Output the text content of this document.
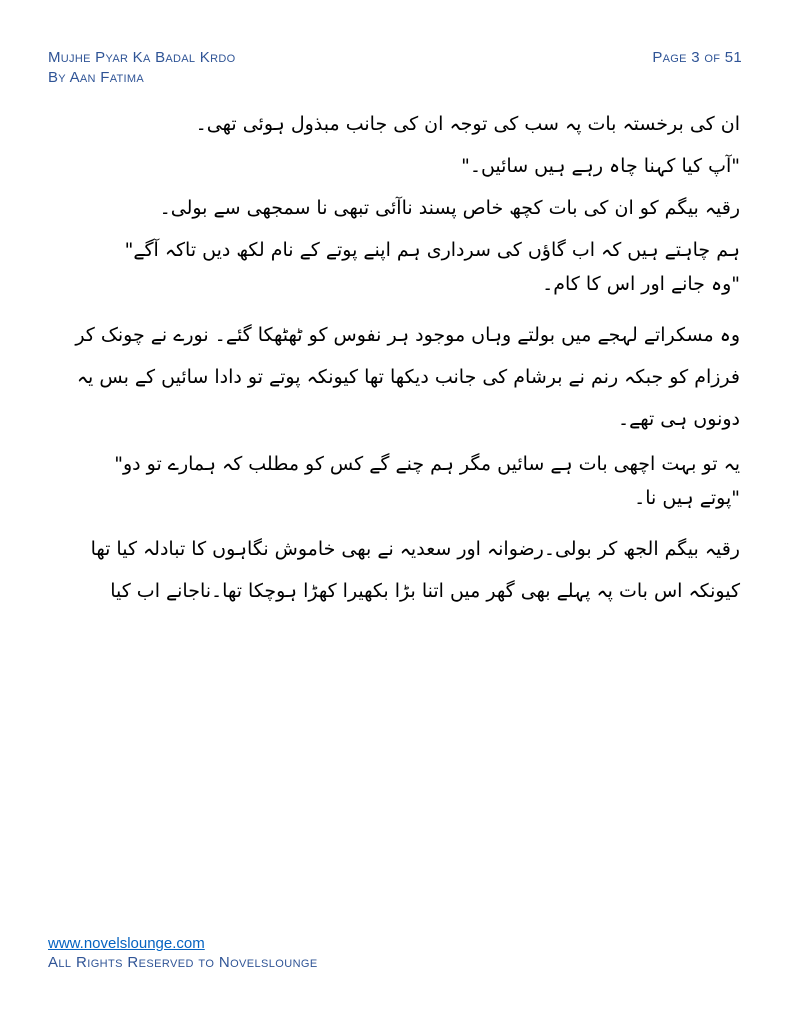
Mujhe Pyar Ka Badal Krdo
By Aan Fatima
Page 3 of 51

ان کی برخستہ بات پہ سب کی توجہ ان کی جانب مبذول ہوئی تھی۔

"آپ کیا کہنا چاہ رہے ہیں سائیں۔"

رقیہ بیگم کو ان کی بات کچھ خاص پسند ناآئی تبھی نا سمجھی سے بولی۔

ہم چاہتے ہیں کہ اب گاؤں کی سرداری ہم اپنے پوتے کے نام لکھ دیں تاکہ آگے"

"وہ جانے اور اس کا کام۔

وہ مسکراتے لہجے میں بولتے وہاں موجود ہر نفوس کو ٹھٹھکا گئے۔ نورے نے چونک کر فرزام کو جبکہ رنم نے برشام کی جانب دیکھا تھا کیونکہ پوتے تو دادا سائیں کے بس یہ دونوں ہی تھے۔

یہ تو بہت اچھی بات ہے سائیں مگر ہم چنے گے کس کو مطلب کہ ہمارے تو دو"

"پوتے ہیں نا۔

رقیہ بیگم الجھ کر بولی۔رضوانہ اور سعدیہ نے بھی خاموش نگاہوں کا تبادلہ کیا تھا کیونکہ اس بات پہ پہلے بھی گھر میں اتنا بڑا بکھیرا کھڑا ہوچکا تھا۔ناجانے اب کیا

www.novelslounge.com
All Rights Reserved to Novelslounge
